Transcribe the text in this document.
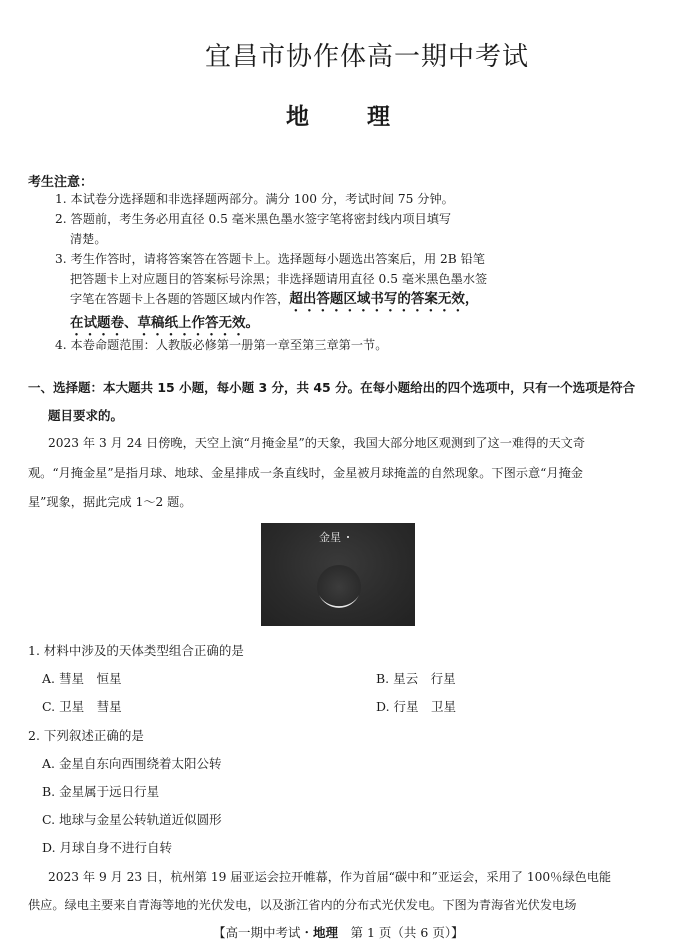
宜昌市协作体高一期中考试
地	理
考生注意：
1. 本试卷分选择题和非选择题两部分。满分 100 分，考试时间 75 分钟。
2. 答题前，考生务必用直径 0.5 毫米黑色墨水签字笔将密封线内项目填写
清楚。
3. 考生作答时，请将答案答在答题卡上。选择题每小题选出答案后，用 2B 铅笔
把答题卡上对应题目的答案标号涂黑；非选择题请用直径 0.5 毫米黑色墨水签
字笔在答题卡上各题的答题区域内作答，超出答题区域书写的答案无效，
在试题卷、草稿纸上作答无效。
4. 本卷命题范围：人教版必修第一册第一章至第三章第一节。
一、选择题：本大题共 15 小题，每小题 3 分，共 45 分。在每小题给出的四个选项中，只有一个选项是符合
题目要求的。
2023 年 3 月 24 日傍晚，天空上演“月掩金星”的天象，我国大部分地区观测到了这一难得的天文奇
观。“月掩金星”是指月球、地球、金星排成一条直线时，金星被月球掩盖的自然现象。下图示意“月掩金
星”现象，据此完成 1～2 题。
金星
1. 材料中涉及的天体类型组合正确的是
A. 彗星　恒星	B. 星云　行星
C. 卫星　彗星	D. 行星　卫星
2. 下列叙述正确的是
A. 金星自东向西围绕着太阳公转
B. 金星属于远日行星
C. 地球与金星公转轨道近似圆形
D. 月球自身不进行自转
2023 年 9 月 23 日，杭州第 19 届亚运会拉开帷幕，作为首届“碳中和”亚运会，采用了 100％绿色电能
供应。绿电主要来自青海等地的光伏发电，以及浙江省内的分布式光伏发电。下图为青海省光伏发电场
【高一期中考试・地理　第 1 页（共 6 页）】
